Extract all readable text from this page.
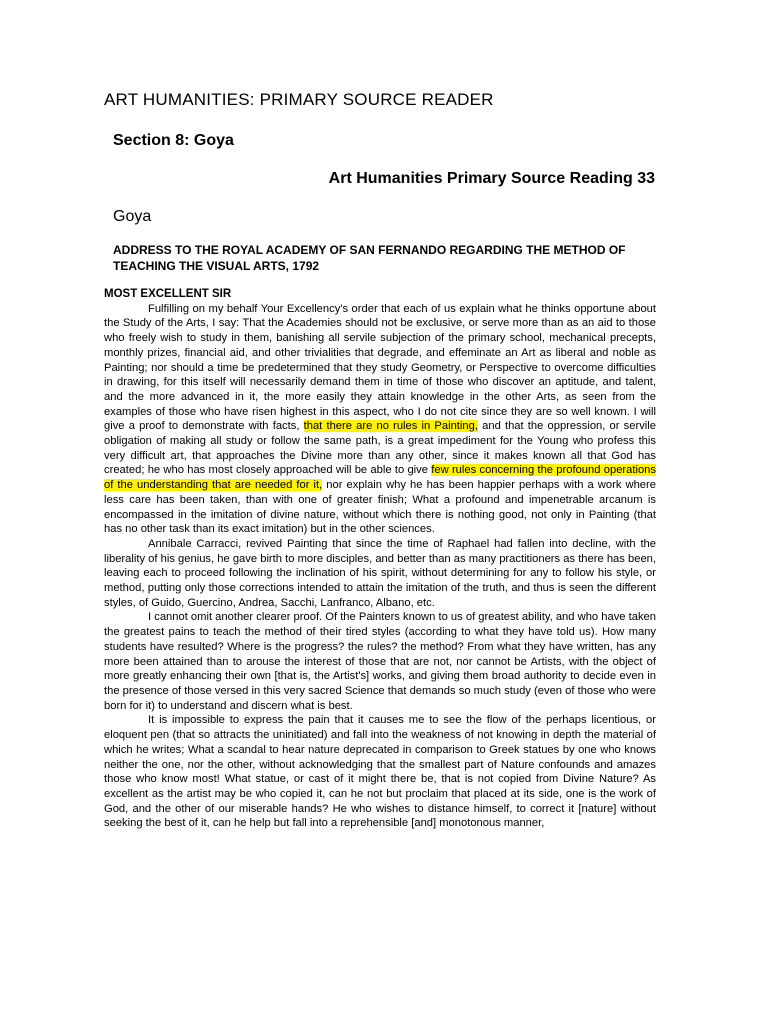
ART HUMANITIES: PRIMARY SOURCE READER
Section 8: Goya
Art Humanities Primary Source Reading 33
Goya
ADDRESS TO THE ROYAL ACADEMY OF SAN FERNANDO REGARDING THE METHOD OF TEACHING THE VISUAL ARTS, 1792
MOST EXCELLENT SIR

Fulfilling on my behalf Your Excellency's order that each of us explain what he thinks opportune about the Study of the Arts, I say: That the Academies should not be exclusive, or serve more than as an aid to those who freely wish to study in them, banishing all servile subjection of the primary school, mechanical precepts, monthly prizes, financial aid, and other trivialities that degrade, and effeminate an Art as liberal and noble as Painting; nor should a time be predetermined that they study Geometry, or Perspective to overcome difficulties in drawing, for this itself will necessarily demand them in time of those who discover an aptitude, and talent, and the more advanced in it, the more easily they attain knowledge in the other Arts, as seen from the examples of those who have risen highest in this aspect, who I do not cite since they are so well known. I will give a proof to demonstrate with facts, that there are no rules in Painting, and that the oppression, or servile obligation of making all study or follow the same path, is a great impediment for the Young who profess this very difficult art, that approaches the Divine more than any other, since it makes known all that God has created; he who has most closely approached will be able to give few rules concerning the profound operations of the understanding that are needed for it, nor explain why he has been happier perhaps with a work where less care has been taken, than with one of greater finish; What a profound and impenetrable arcanum is encompassed in the imitation of divine nature, without which there is nothing good, not only in Painting (that has no other task than its exact imitation) but in the other sciences.

Annibale Carracci, revived Painting that since the time of Raphael had fallen into decline, with the liberality of his genius, he gave birth to more disciples, and better than as many practitioners as there has been, leaving each to proceed following the inclination of his spirit, without determining for any to follow his style, or method, putting only those corrections intended to attain the imitation of the truth, and thus is seen the different styles, of Guido, Guercino, Andrea, Sacchi, Lanfranco, Albano, etc.

I cannot omit another clearer proof. Of the Painters known to us of greatest ability, and who have taken the greatest pains to teach the method of their tired styles (according to what they have told us). How many students have resulted? Where is the progress? the rules? the method? From what they have written, has any more been attained than to arouse the interest of those that are not, nor cannot be Artists, with the object of more greatly enhancing their own [that is, the Artist's] works, and giving them broad authority to decide even in the presence of those versed in this very sacred Science that demands so much study (even of those who were born for it) to understand and discern what is best.

It is impossible to express the pain that it causes me to see the flow of the perhaps licentious, or eloquent pen (that so attracts the uninitiated) and fall into the weakness of not knowing in depth the material of which he writes; What a scandal to hear nature deprecated in comparison to Greek statues by one who knows neither the one, nor the other, without acknowledging that the smallest part of Nature confounds and amazes those who know most! What statue, or cast of it might there be, that is not copied from Divine Nature? As excellent as the artist may be who copied it, can he not but proclaim that placed at its side, one is the work of God, and the other of our miserable hands? He who wishes to distance himself, to correct it [nature] without seeking the best of it, can he help but fall into a reprehensible [and] monotonous manner,
